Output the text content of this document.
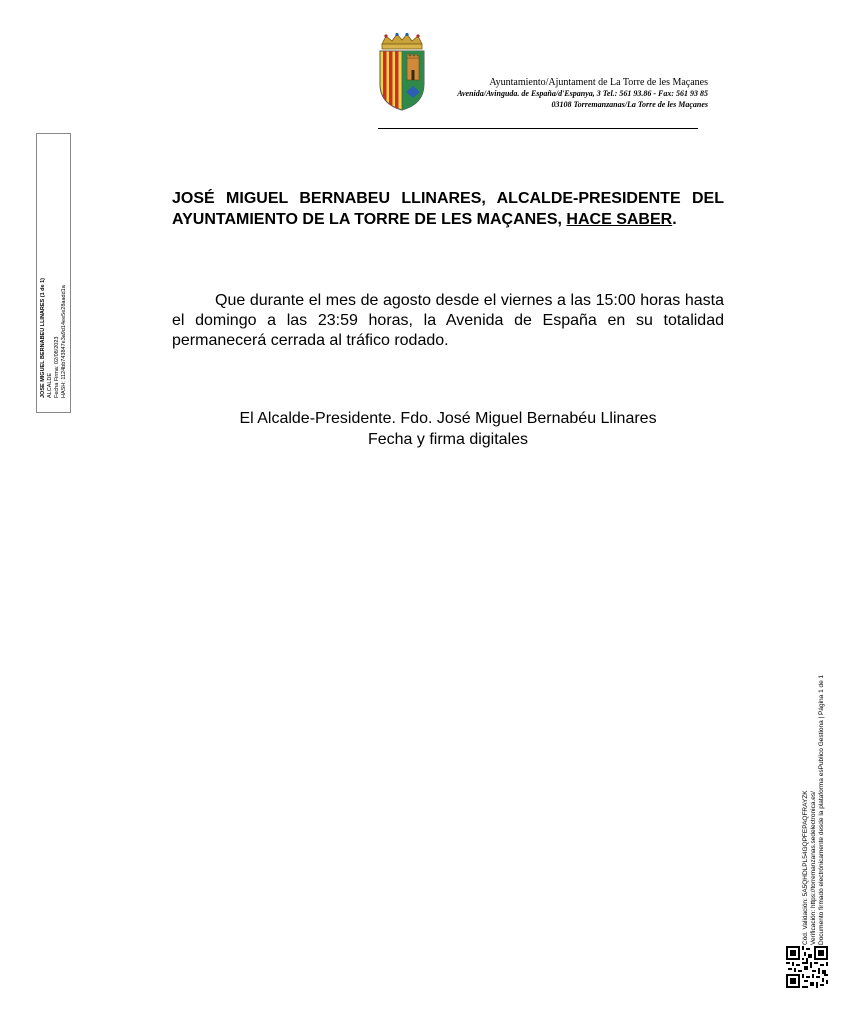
Ayuntamiento/Ajuntament de La Torre de les Maçanes
Avenida/Avinguda. de España/d'Espanya, 3 Tel.: 561 93.86 - Fax: 561 93 85
03108 Torremanzanas/La Torre de les Maçanes
JOSE MIGUEL BERNABEU LLINARES (1 de 1) ALCALDE Fecha Firma: 02/08/2023 HASH: 1124bb743847e3a9d14ee5e28aadd1a
JOSÉ MIGUEL BERNABEU LLINARES, ALCALDE-PRESIDENTE DEL AYUNTAMIENTO DE LA TORRE DE LES MAÇANES, HACE SABER.
Que durante el mes de agosto desde el viernes a las 15:00 horas hasta el domingo a las 23:59 horas, la Avenida de España en su totalidad permanecerá cerrada al tráfico rodado.
El Alcalde-Presidente. Fdo. José Miguel Bernabéu Llinares
Fecha y firma digitales
Cód. Validación: 5A5QHDLPL54GQPFEPAQFRAYZK Verificación: https://torremanzanas.sedelectronica.es/ Documento firmado electrónicamente desde la plataforma esPublico Gestiona | Página 1 de 1
